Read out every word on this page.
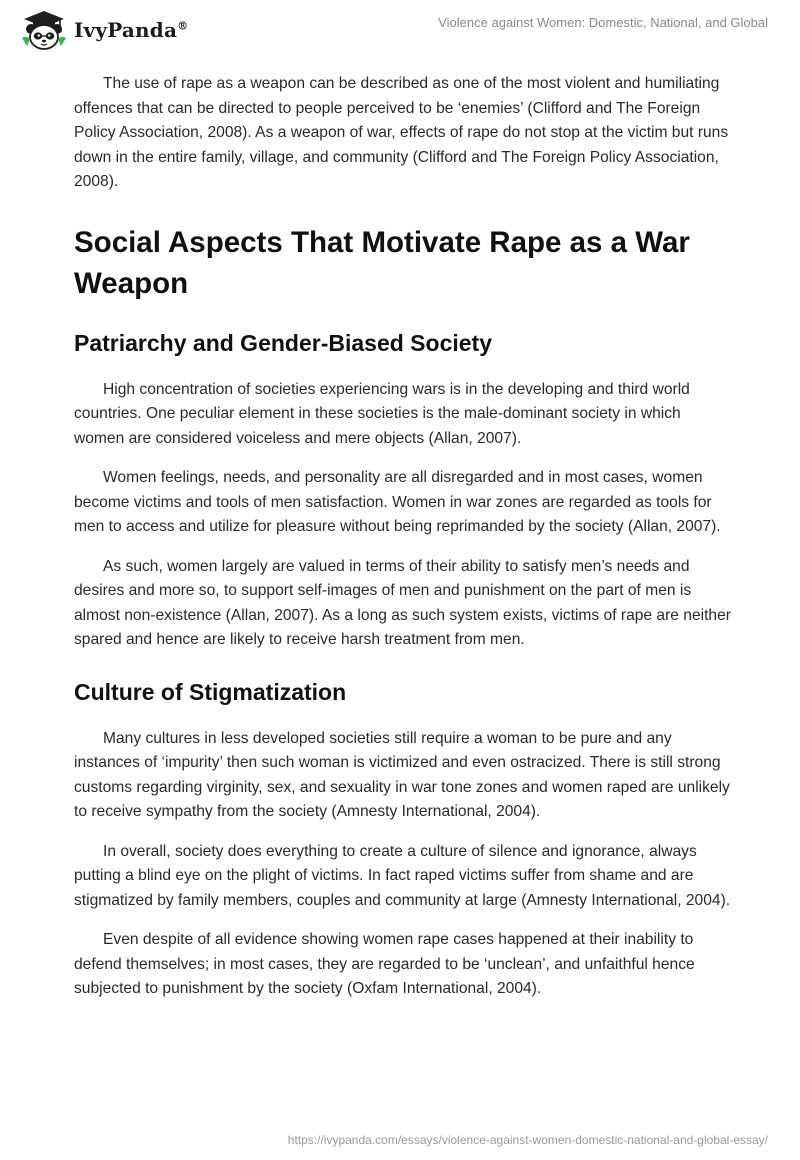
IvyPanda®	Violence against Women: Domestic, National, and Global

The use of rape as a weapon can be described as one of the most violent and humiliating offences that can be directed to people perceived to be ‘enemies’ (Clifford and The Foreign Policy Association, 2008). As a weapon of war, effects of rape do not stop at the victim but runs down in the entire family, village, and community (Clifford and The Foreign Policy Association, 2008).

Social Aspects That Motivate Rape as a War Weapon
Patriarchy and Gender-Biased Society

High concentration of societies experiencing wars is in the developing and third world countries. One peculiar element in these societies is the male-dominant society in which women are considered voiceless and mere objects (Allan, 2007).

Women feelings, needs, and personality are all disregarded and in most cases, women become victims and tools of men satisfaction. Women in war zones are regarded as tools for men to access and utilize for pleasure without being reprimanded by the society (Allan, 2007).

As such, women largely are valued in terms of their ability to satisfy men’s needs and desires and more so, to support self-images of men and punishment on the part of men is almost non-existence (Allan, 2007). As a long as such system exists, victims of rape are neither spared and hence are likely to receive harsh treatment from men.

Culture of Stigmatization

Many cultures in less developed societies still require a woman to be pure and any instances of ‘impurity’ then such woman is victimized and even ostracized. There is still strong customs regarding virginity, sex, and sexuality in war tone zones and women raped are unlikely to receive sympathy from the society (Amnesty International, 2004).

In overall, society does everything to create a culture of silence and ignorance, always putting a blind eye on the plight of victims. In fact raped victims suffer from shame and are stigmatized by family members, couples and community at large (Amnesty International, 2004).

Even despite of all evidence showing women rape cases happened at their inability to defend themselves; in most cases, they are regarded to be ‘unclean’, and unfaithful hence subjected to punishment by the society (Oxfam International, 2004).

https://ivypanda.com/essays/violence-against-women-domestic-national-and-global-essay/
